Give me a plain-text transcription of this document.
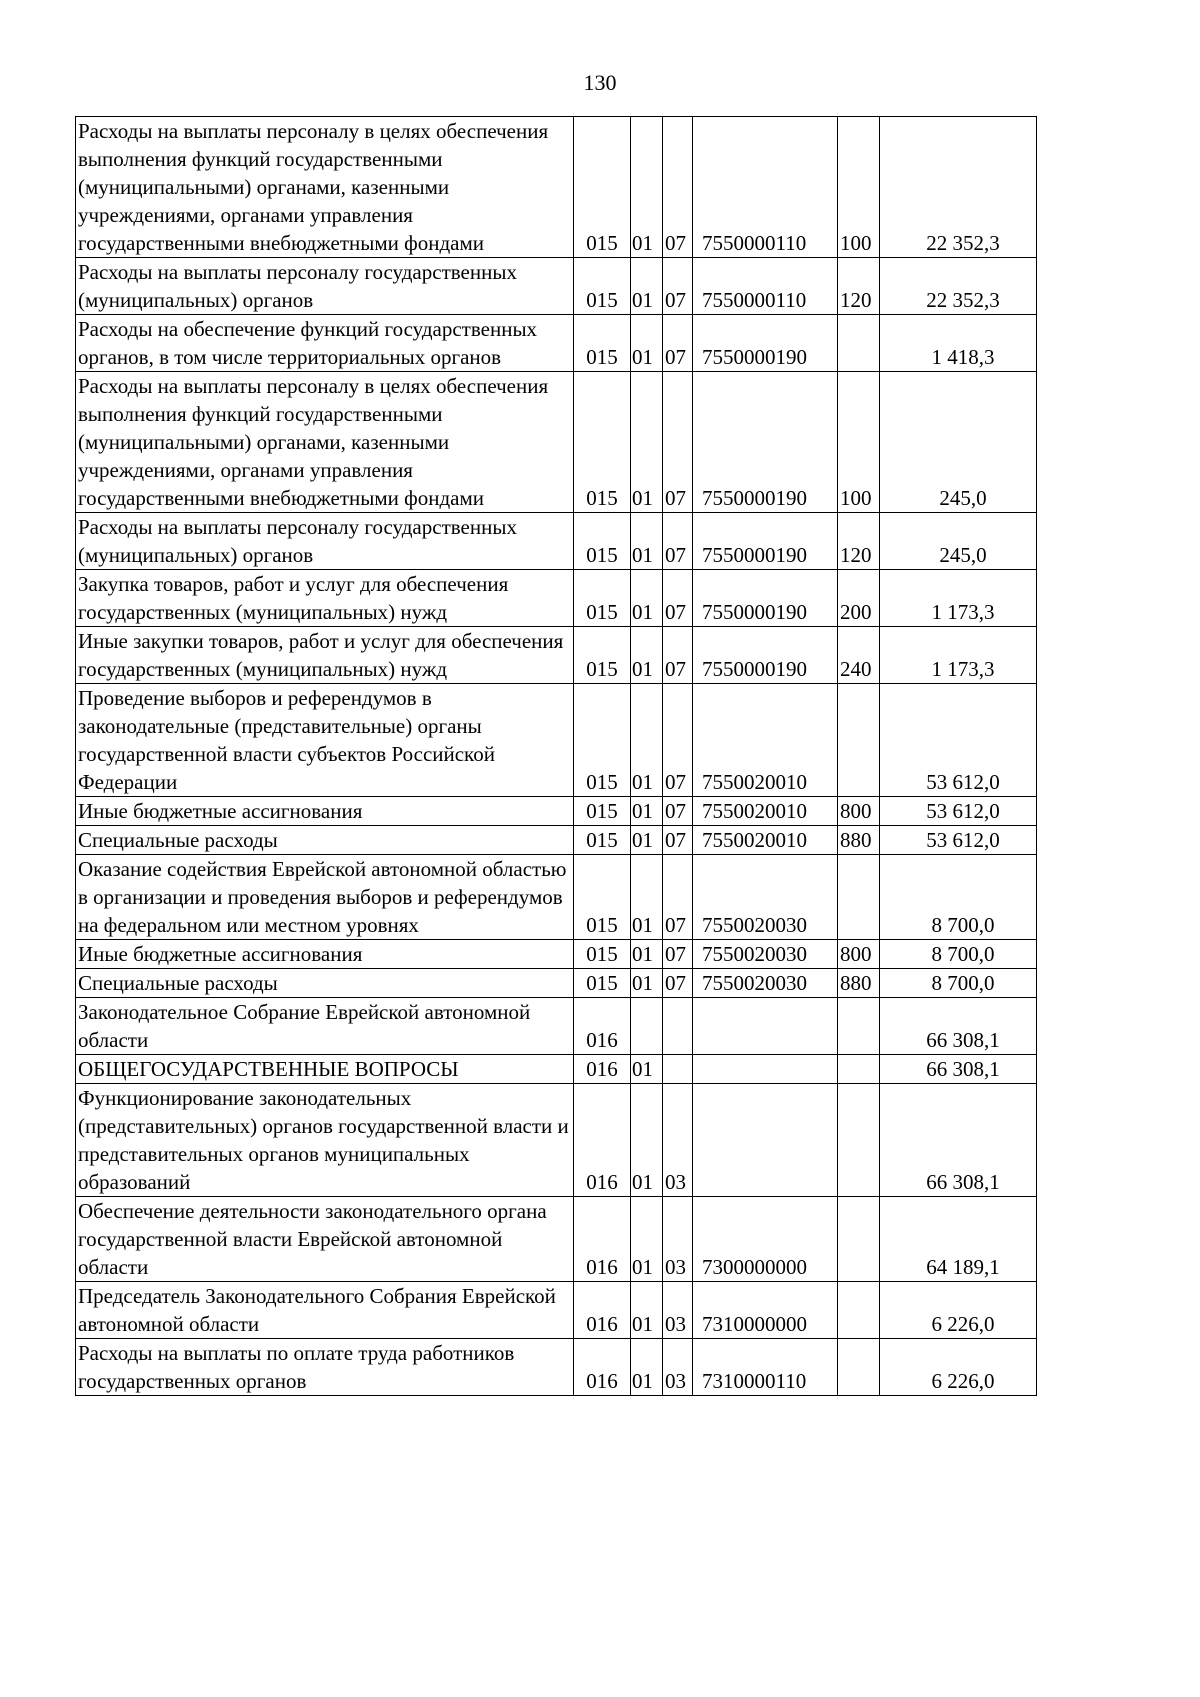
130
Расходы на выплаты персоналу в целях обеспечения выполнения функций государственными (муниципальными) органами, казенными учреждениями, органами управления государственными внебюджетными фондами	015	01	07	7550000110	100	22 352,3
Расходы на выплаты персоналу государственных (муниципальных) органов	015	01	07	7550000110	120	22 352,3
Расходы на обеспечение функций государственных органов, в том числе территориальных органов	015	01	07	7550000190		1 418,3
Расходы на выплаты персоналу в целях обеспечения выполнения функций государственными (муниципальными) органами, казенными учреждениями, органами управления государственными внебюджетными фондами	015	01	07	7550000190	100	245,0
Расходы на выплаты персоналу государственных (муниципальных) органов	015	01	07	7550000190	120	245,0
Закупка товаров, работ и услуг для обеспечения государственных (муниципальных) нужд	015	01	07	7550000190	200	1 173,3
Иные закупки товаров, работ и услуг для обеспечения государственных (муниципальных) нужд	015	01	07	7550000190	240	1 173,3
Проведение выборов и референдумов в законодательные (представительные) органы государственной власти субъектов Российской Федерации	015	01	07	7550020010		53 612,0
Иные бюджетные ассигнования	015	01	07	7550020010	800	53 612,0
Специальные расходы	015	01	07	7550020010	880	53 612,0
Оказание содействия Еврейской автономной областью в организации и проведения выборов и референдумов на федеральном или местном уровнях	015	01	07	7550020030		8 700,0
Иные бюджетные ассигнования	015	01	07	7550020030	800	8 700,0
Специальные расходы	015	01	07	7550020030	880	8 700,0
Законодательное Собрание Еврейской автономной области	016					66 308,1
ОБЩЕГОСУДАРСТВЕННЫЕ ВОПРОСЫ	016	01				66 308,1
Функционирование законодательных (представительных) органов государственной власти и представительных органов муниципальных образований	016	01	03			66 308,1
Обеспечение деятельности законодательного органа государственной власти Еврейской автономной области	016	01	03	7300000000		64 189,1
Председатель Законодательного Собрания Еврейской автономной области	016	01	03	7310000000		6 226,0
Расходы на выплаты по оплате труда работников государственных органов	016	01	03	7310000110		6 226,0
